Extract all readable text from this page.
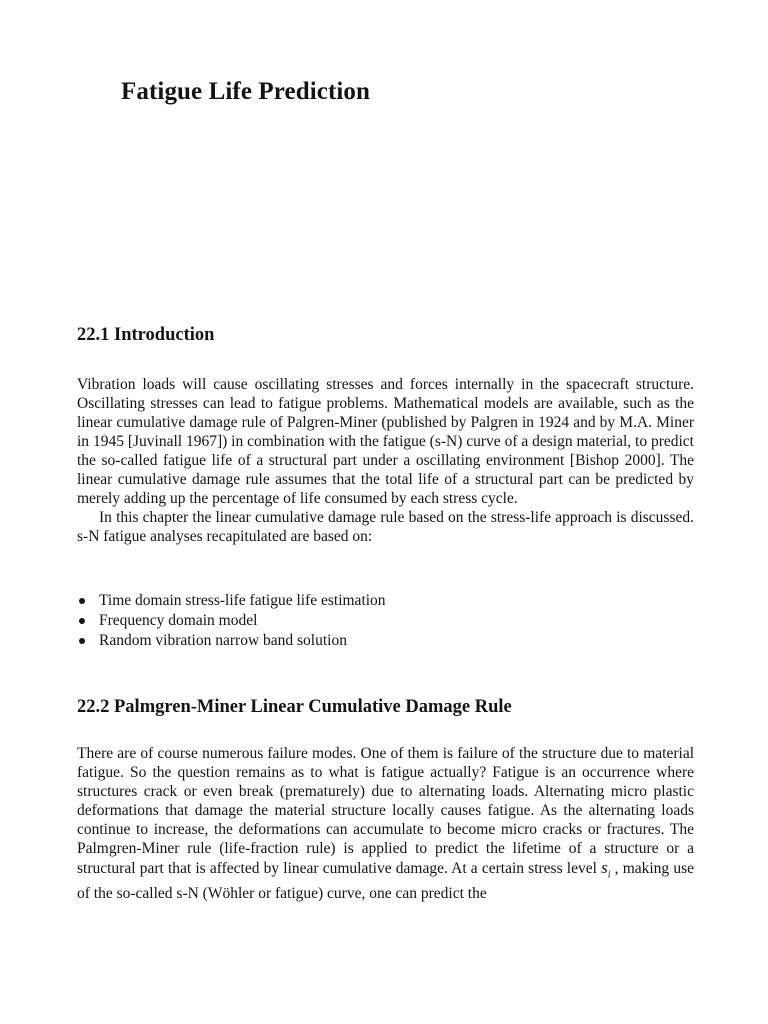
Fatigue Life Prediction
22.1 Introduction

Vibration loads will cause oscillating stresses and forces internally in the spacecraft structure. Oscillating stresses can lead to fatigue problems. Mathematical models are available, such as the linear cumulative damage rule of Palgren-Miner (published by Palgren in 1924 and by M.A. Miner in 1945 [Juvinall 1967]) in combination with the fatigue (s-N) curve of a design material, to predict the so-called fatigue life of a structural part under a oscillating environment [Bishop 2000]. The linear cumulative damage rule assumes that the total life of a structural part can be predicted by merely adding up the percentage of life consumed by each stress cycle.

In this chapter the linear cumulative damage rule based on the stress-life approach is discussed. s-N fatigue analyses recapitulated are based on:

Time domain stress-life fatigue life estimation
Frequency domain model
Random vibration narrow band solution
22.2 Palmgren-Miner Linear Cumulative Damage Rule

There are of course numerous failure modes. One of them is failure of the structure due to material fatigue. So the question remains as to what is fatigue actually? Fatigue is an occurrence where structures crack or even break (prematurely) due to alternating loads. Alternating micro plastic deformations that damage the material structure locally causes fatigue. As the alternating loads continue to increase, the deformations can accumulate to become micro cracks or fractures. The Palmgren-Miner rule (life-fraction rule) is applied to predict the lifetime of a structure or a structural part that is affected by linear cumulative damage. At a certain stress level $s_i$ , making use of the so-called s-N (Wöhler or fatigue) curve, one can predict the
